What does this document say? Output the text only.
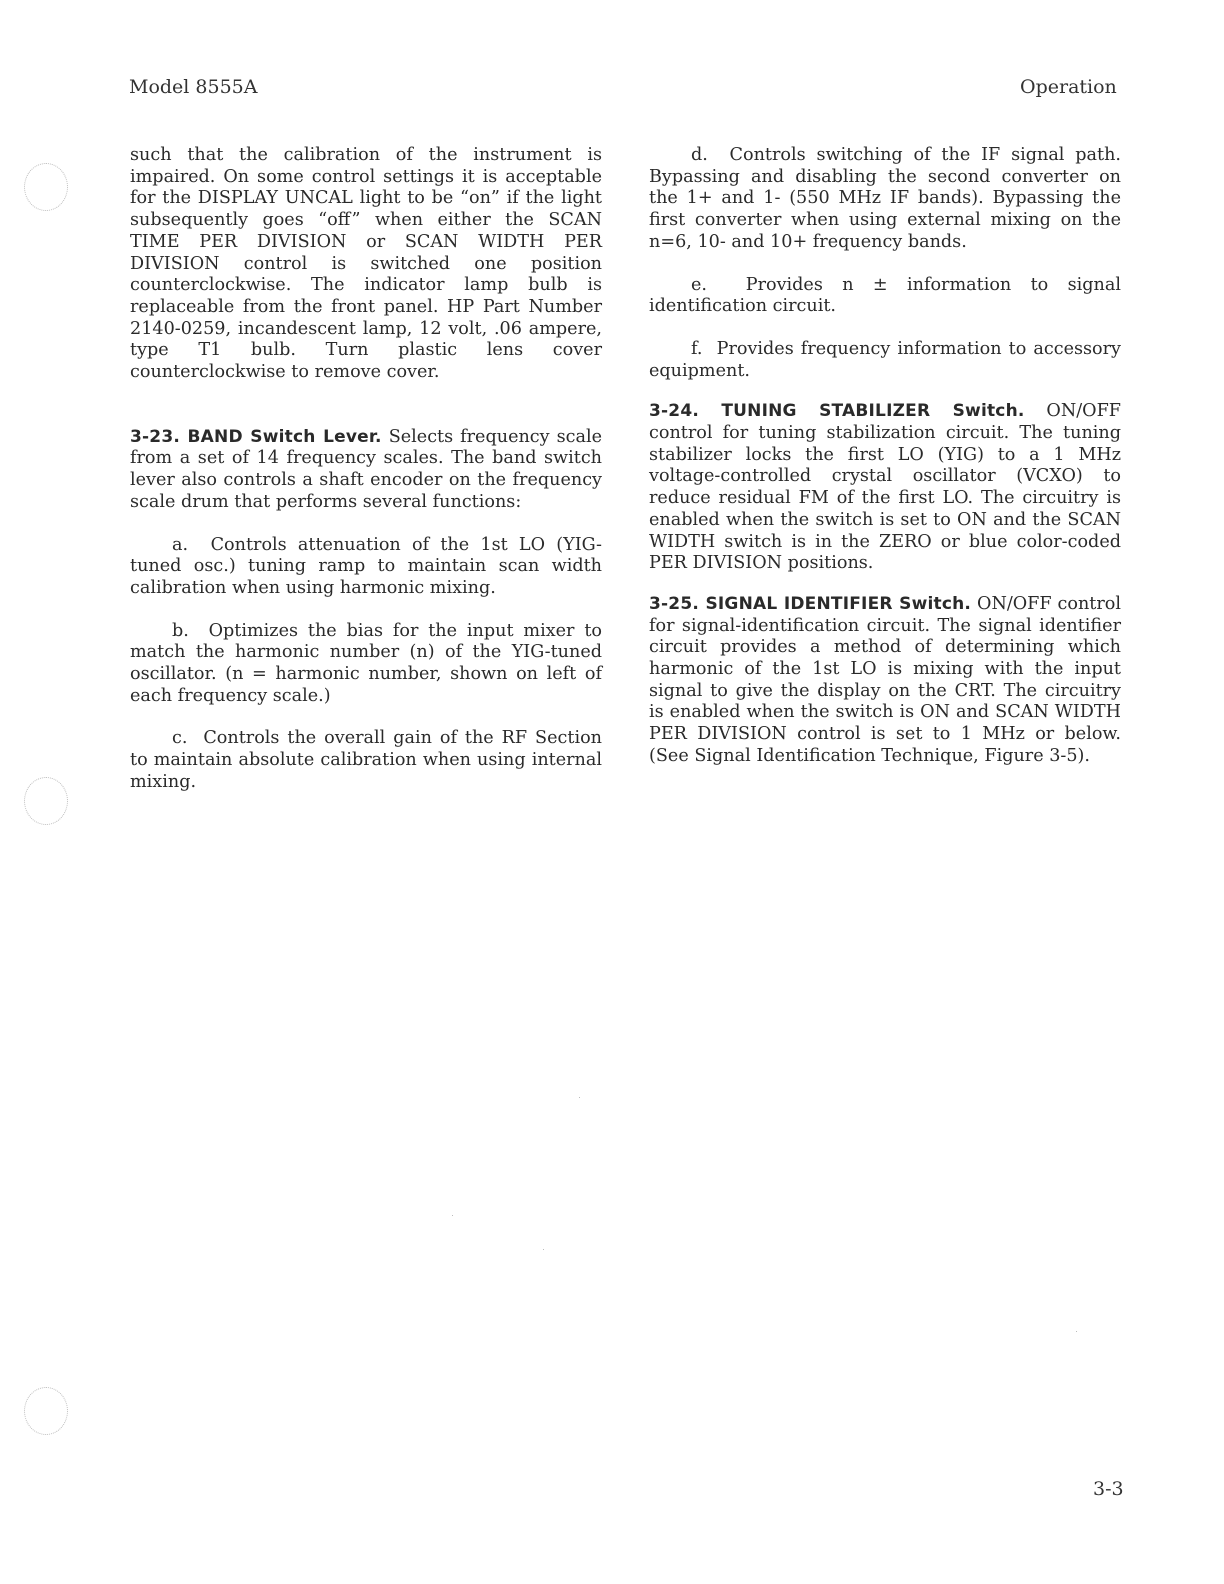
Model 8555A	Operation

such that the calibration of the instrument is impaired. On some control settings it is acceptable for the DISPLAY UNCAL light to be “on” if the light subsequently goes “off” when either the SCAN TIME PER DIVISION or SCAN WIDTH PER DIVISION control is switched one position counterclockwise. The indicator lamp bulb is replaceable from the front panel. HP Part Number 2140-0259, incandescent lamp, 12 volt, .06 ampere, type T1 bulb. Turn plastic lens cover counterclockwise to remove cover.

3-23. BAND Switch Lever. Selects frequency scale from a set of 14 frequency scales. The band switch lever also controls a shaft encoder on the frequency scale drum that performs several functions:

a. Controls attenuation of the 1st LO (YIG-tuned osc.) tuning ramp to maintain scan width calibration when using harmonic mixing.

b. Optimizes the bias for the input mixer to match the harmonic number (n) of the YIG-tuned oscillator. (n = harmonic number, shown on left of each frequency scale.)

c. Controls the overall gain of the RF Section to maintain absolute calibration when using internal mixing.

d. Controls switching of the IF signal path. Bypassing and disabling the second converter on the 1+ and 1- (550 MHz IF bands). Bypassing the first converter when using external mixing on the n=6, 10- and 10+ frequency bands.

e. Provides n ± information to signal identification circuit.

f. Provides frequency information to accessory equipment.

3-24. TUNING STABILIZER Switch. ON/OFF control for tuning stabilization circuit. The tuning stabilizer locks the first LO (YIG) to a 1 MHz voltage-controlled crystal oscillator (VCXO) to reduce residual FM of the first LO. The circuitry is enabled when the switch is set to ON and the SCAN WIDTH switch is in the ZERO or blue color-coded PER DIVISION positions.

3-25. SIGNAL IDENTIFIER Switch. ON/OFF control for signal-identification circuit. The signal identifier circuit provides a method of determining which harmonic of the 1st LO is mixing with the input signal to give the display on the CRT. The circuitry is enabled when the switch is ON and SCAN WIDTH PER DIVISION control is set to 1 MHz or below. (See Signal Identification Technique, Figure 3-5).

3-3
